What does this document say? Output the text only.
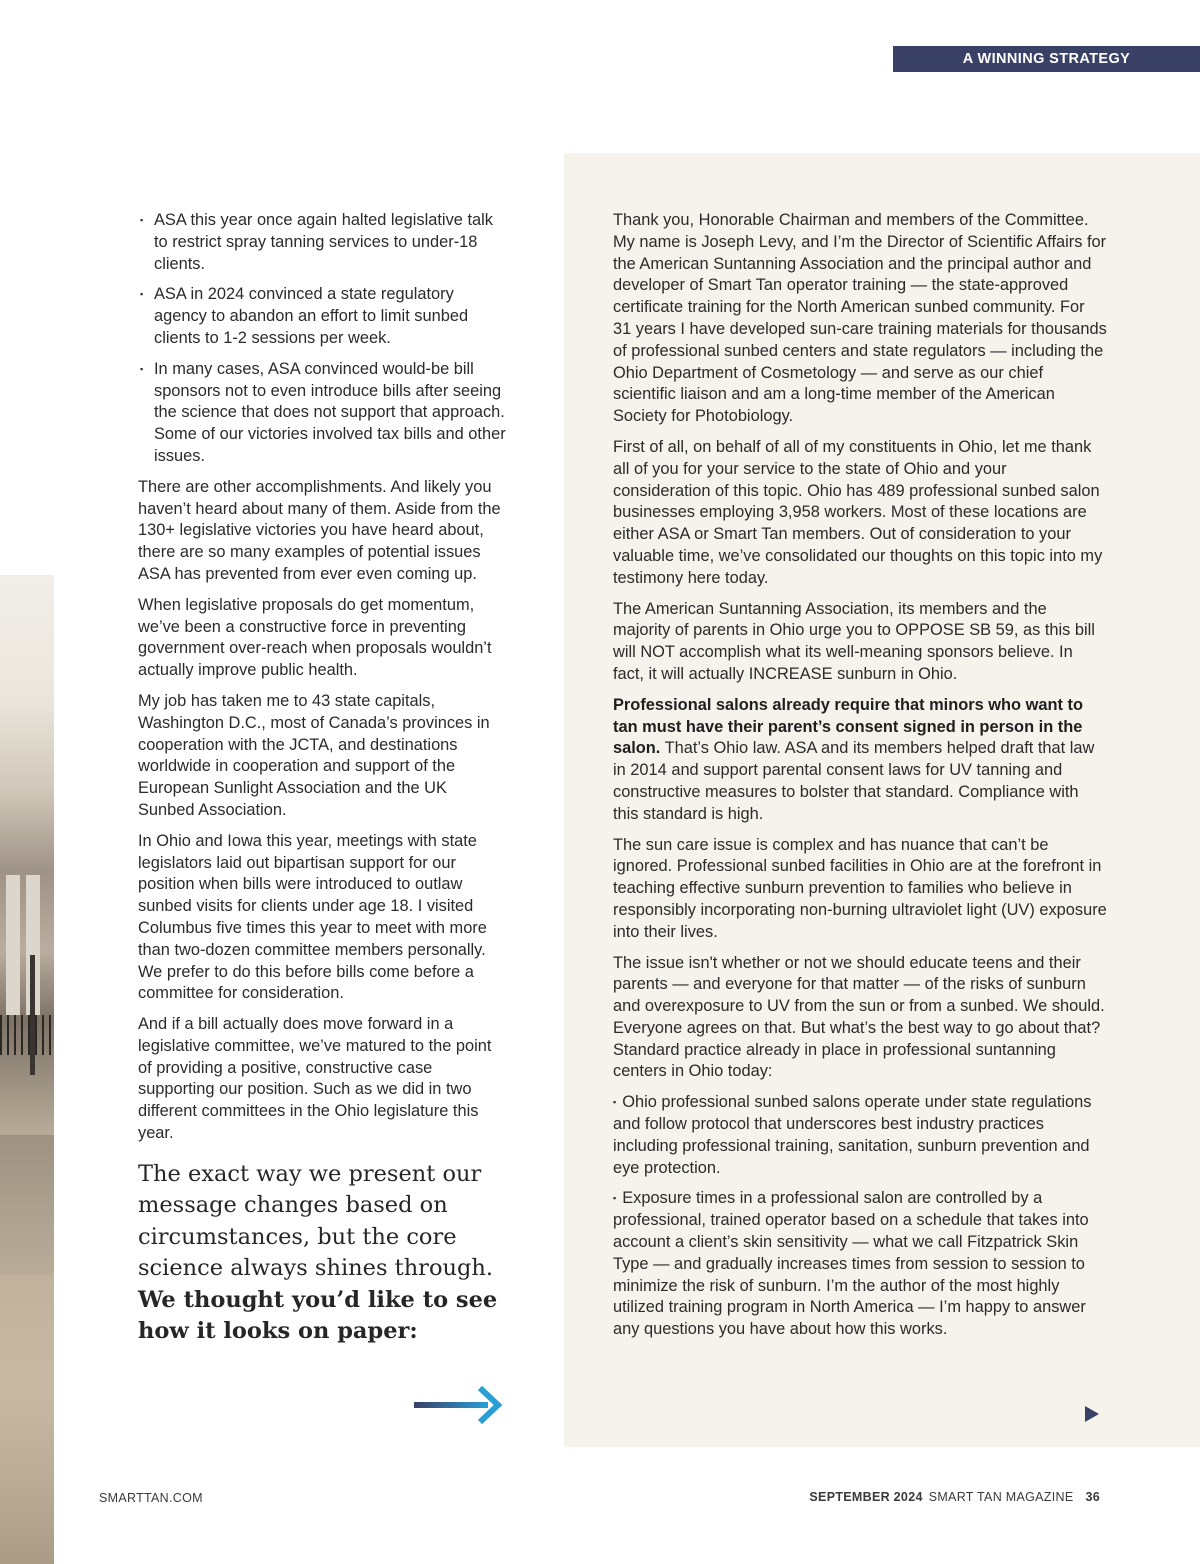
A WINNING STRATEGY
▪ ASA this year once again halted legislative talk to restrict spray tanning services to under-18 clients.
▪ ASA in 2024 convinced a state regulatory agency to abandon an effort to limit sunbed clients to 1-2 sessions per week.
▪ In many cases, ASA convinced would-be bill sponsors not to even introduce bills after seeing the science that does not support that approach. Some of our victories involved tax bills and other issues.

There are other accomplishments. And likely you haven’t heard about many of them. Aside from the 130+ legislative victories you have heard about, there are so many examples of potential issues ASA has prevented from ever even coming up.

When legislative proposals do get momentum, we’ve been a constructive force in preventing government over-reach when proposals wouldn’t actually improve public health.

My job has taken me to 43 state capitals, Washington D.C., most of Canada’s provinces in cooperation with the JCTA, and destinations worldwide in cooperation and support of the European Sunlight Association and the UK Sunbed Association.

In Ohio and Iowa this year, meetings with state legislators laid out bipartisan support for our position when bills were introduced to outlaw sunbed visits for clients under age 18. I visited Columbus five times this year to meet with more than two-dozen committee members personally. We prefer to do this before bills come before a committee for consideration.

And if a bill actually does move forward in a legislative committee, we’ve matured to the point of providing a positive, constructive case supporting our position. Such as we did in two different committees in the Ohio legislature this year.

The exact way we present our message changes based on circumstances, but the core science always shines through. We thought you’d like to see how it looks on paper:

Thank you, Honorable Chairman and members of the Committee. My name is Joseph Levy, and I’m the Director of Scientific Affairs for the American Suntanning Association and the principal author and developer of Smart Tan operator training — the state-approved certificate training for the North American sunbed community. For 31 years I have developed sun-care training materials for thousands of professional sunbed centers and state regulators — including the Ohio Department of Cosmetology — and serve as our chief scientific liaison and am a long-time member of the American Society for Photobiology.

First of all, on behalf of all of my constituents in Ohio, let me thank all of you for your service to the state of Ohio and your consideration of this topic. Ohio has 489 professional sunbed salon businesses employing 3,958 workers. Most of these locations are either ASA or Smart Tan members. Out of consideration to your valuable time, we’ve consolidated our thoughts on this topic into my testimony here today.

The American Suntanning Association, its members and the majority of parents in Ohio urge you to OPPOSE SB 59, as this bill will NOT accomplish what its well-meaning sponsors believe. In fact, it will actually INCREASE sunburn in Ohio.

Professional salons already require that minors who want to tan must have their parent’s consent signed in person in the salon. That’s Ohio law. ASA and its members helped draft that law in 2014 and support parental consent laws for UV tanning and constructive measures to bolster that standard. Compliance with this standard is high.

The sun care issue is complex and has nuance that can’t be ignored. Professional sunbed facilities in Ohio are at the forefront in teaching effective sunburn prevention to families who believe in responsibly incorporating non-burning ultraviolet light (UV) exposure into their lives.

The issue isn't whether or not we should educate teens and their parents — and everyone for that matter — of the risks of sunburn and overexposure to UV from the sun or from a sunbed. We should. Everyone agrees on that. But what’s the best way to go about that? Standard practice already in place in professional suntanning centers in Ohio today:

▪ Ohio professional sunbed salons operate under state regulations and follow protocol that underscores best industry practices including professional training, sanitation, sunburn prevention and eye protection.

▪ Exposure times in a professional salon are controlled by a professional, trained operator based on a schedule that takes into account a client’s skin sensitivity — what we call Fitzpatrick Skin Type — and gradually increases times from session to session to minimize the risk of sunburn. I’m the author of the most highly utilized training program in North America — I’m happy to answer any questions you have about how this works.

SMARTTAN.COM	SEPTEMBER 2024 SMART TAN MAGAZINE 36
